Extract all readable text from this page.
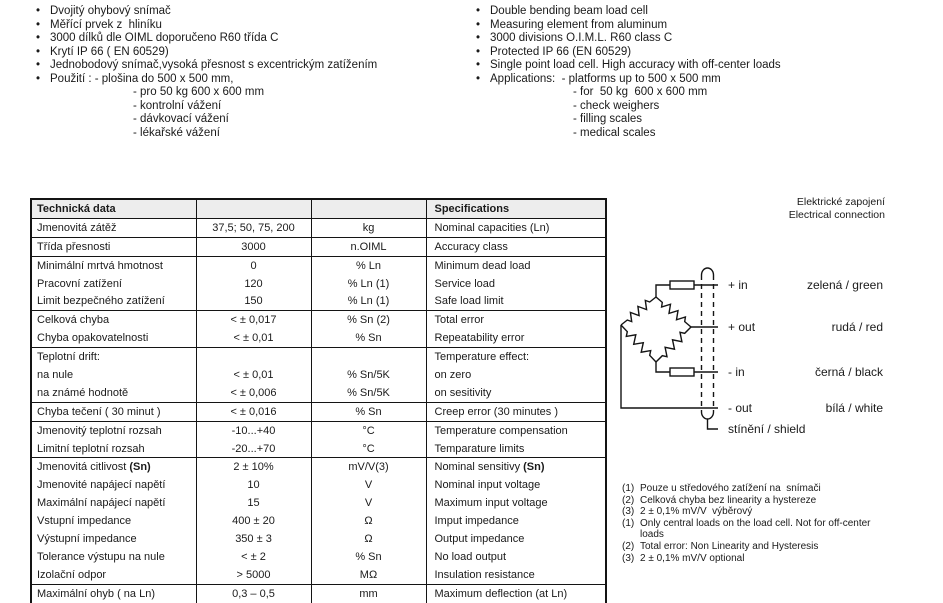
• Dvojitý ohybový snímač
• Měřící prvek z  hliníku
• 3000 dílků dle OIML doporučeno R60 třída C
• Krytí IP 66 ( EN 60529)
• Jednobodový snímač,vysoká přesnost s excentrickým zatížením
• Použití : - plošina do 500 x 500 mm,
- pro 50 kg 600 x 600 mm
- kontrolní vážení
- dávkovací vážení
- lékařské vážení
• Double bending beam load cell
• Measuring element from aluminum
• 3000 divisions O.I.M.L. R60 class C
• Protected IP 66 (EN 60529)
• Single point load cell. High accuracy with off-center loads
• Applications:  - platforms up to 500 x 500 mm
- for  50 kg  600 x 600 mm
- check weighers
- filling scales
- medical scales
Technická data			Specifications
Jmenovitá zátěž	37,5; 50, 75, 200	kg	Nominal capacities (Ln)
Třída přesnosti	3000	n.OIML	Accuracy class
Minimální mrtvá hmotnost	0	% Ln	Minimum dead load
Pracovní zatížení	120	% Ln (1)	Service load
Limit bezpečného zatížení	150	% Ln (1)	Safe load limit
Celková chyba	< ± 0,017	% Sn (2)	Total error
Chyba opakovatelnosti	< ± 0,01	% Sn	Repeatability error
Teplotní drift:			Temperature effect:
na nule	< ± 0,01	% Sn/5K	on zero
na známé hodnotě	< ± 0,006	% Sn/5K	on sesitivity
Chyba tečení ( 30 minut )	< ± 0,016	% Sn	Creep error (30 minutes )
Jmenovitý teplotní rozsah	-10...+40	°C	Temperature compensation
Limitní teplotní rozsah	-20...+70	°C	Temparature limits
Jmenovitá citlivost (Sn)	2 ± 10%	mV/V(3)	Nominal sensitivy (Sn)
Jmenovité napájecí napětí	10	V	Nominal input voltage
Maximální napájecí napětí	15	V	Maximum input voltage
Vstupní impedance	400 ± 20	Ω	Imput impedance
Výstupní impedance	350 ± 3	Ω	Output impedance
Tolerance výstupu na nule	< ± 2	% Sn	No load output
Izolační odpor	> 5000	MΩ	Insulation resistance
Maximální ohyb ( na Ln)	0,3 – 0,5	mm	Maximum deflection (at Ln)
Elektrické zapojení
Electrical connection
+ in
+ out
- in
- out
stínění / shield
zelená / green
rudá / red
černá / black
bílá / white
(1) Pouze u středového zatížení na  snímači
(2) Celková chyba bez linearity a hystereze
(3) 2 ± 0,1% mV/V  výběrový
(1) Only central loads on the load cell. Not for off-center loads
(2) Total error: Non Linearity and Hysteresis
(3) 2 ± 0,1% mV/V optional
